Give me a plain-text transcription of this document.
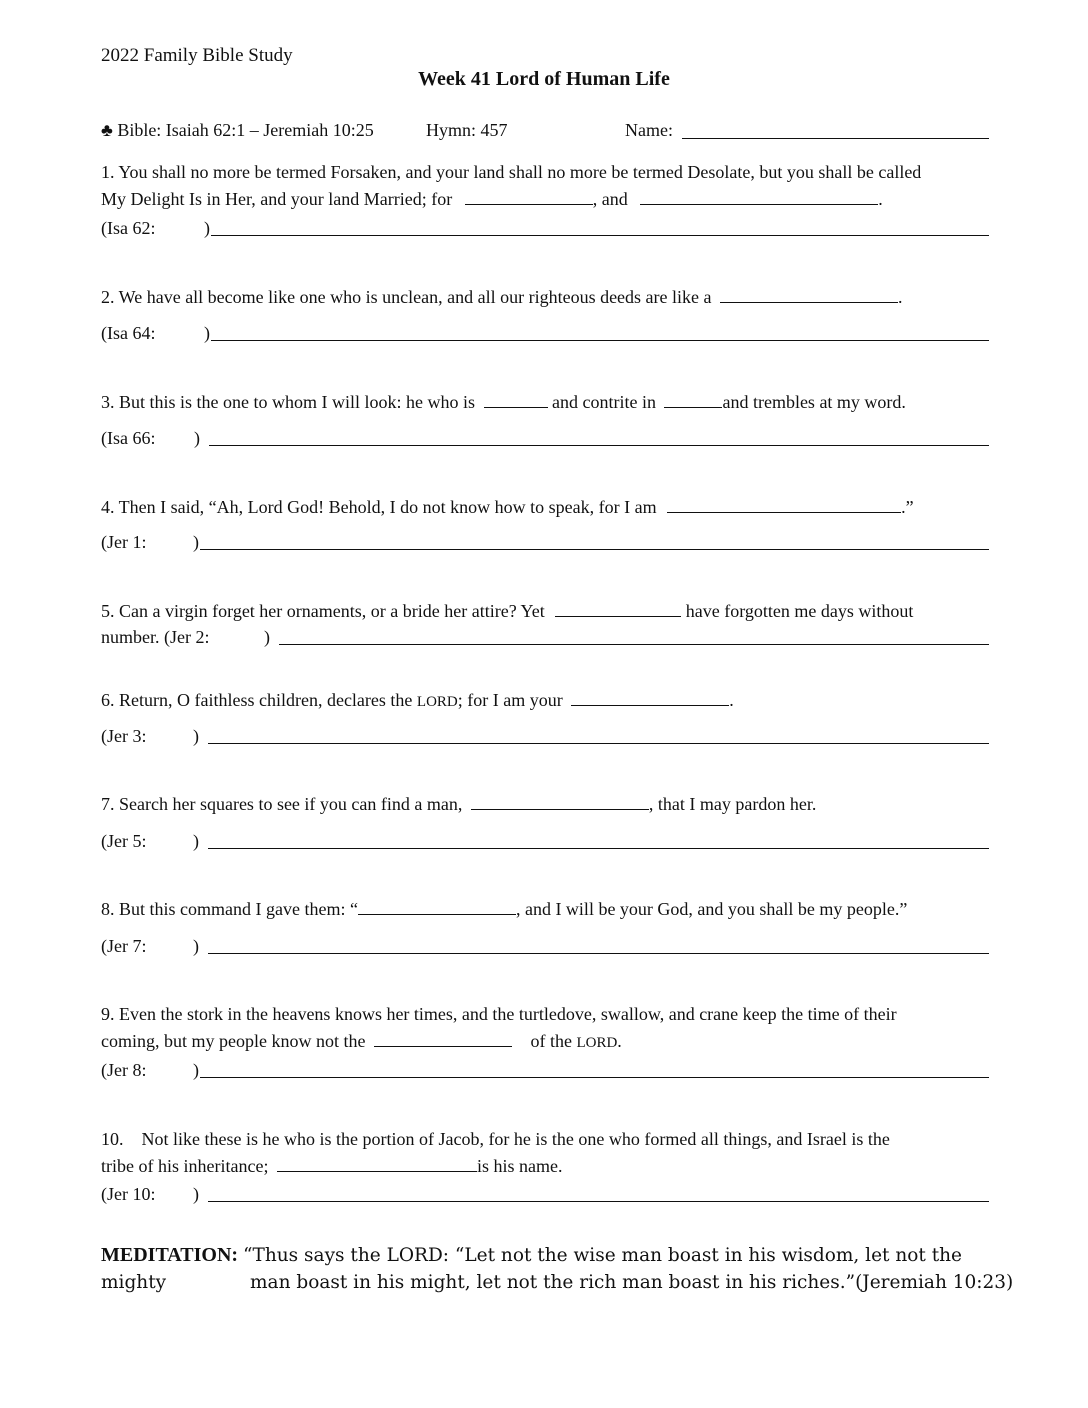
2022 Family Bible Study
Week 41 Lord of Human Life
♣ Bible: Isaiah 62:1 – Jeremiah 10:25	Hymn: 457	Name:
1. You shall no more be termed Forsaken, and your land shall no more be termed Desolate, but you shall be called
My Delight Is in Her, and your land Married; for	, and	.
(Isa 62:	)
2. We have all become like one who is unclean, and all our righteous deeds are like a	.
(Isa 64:	)
3. But this is the one to whom I will look: he who is	and contrite in	and trembles at my word.
(Isa 66: )
4. Then I said, “Ah, Lord God! Behold, I do not know how to speak, for I am	.”
(Jer 1:	)
5. Can a virgin forget her ornaments, or a bride her attire? Yet	have forgotten me days without
number. (Jer 2:	)
6. Return, O faithless children, declares the LORD; for I am your	.
(Jer 3:	)
7. Search her squares to see if you can find a man,	, that I may pardon her.
(Jer 5:	)
8. But this command I gave them: “	, and I will be your God, and you shall be my people.”
(Jer 7:	)
9. Even the stork in the heavens knows her times, and the turtledove, swallow, and crane keep the time of their
coming, but my people know not the	of the LORD.
(Jer 8:	)
10.    Not like these is he who is the portion of Jacob, for he is the one who formed all things, and Israel is the
tribe of his inheritance;	is his name.
(Jer 10: )
MEDITATION: “Thus says the LORD: “Let not the wise man boast in his wisdom, let not the mighty	man boast in his might, let not the rich man boast in his riches.”(Jeremiah 10:23)
